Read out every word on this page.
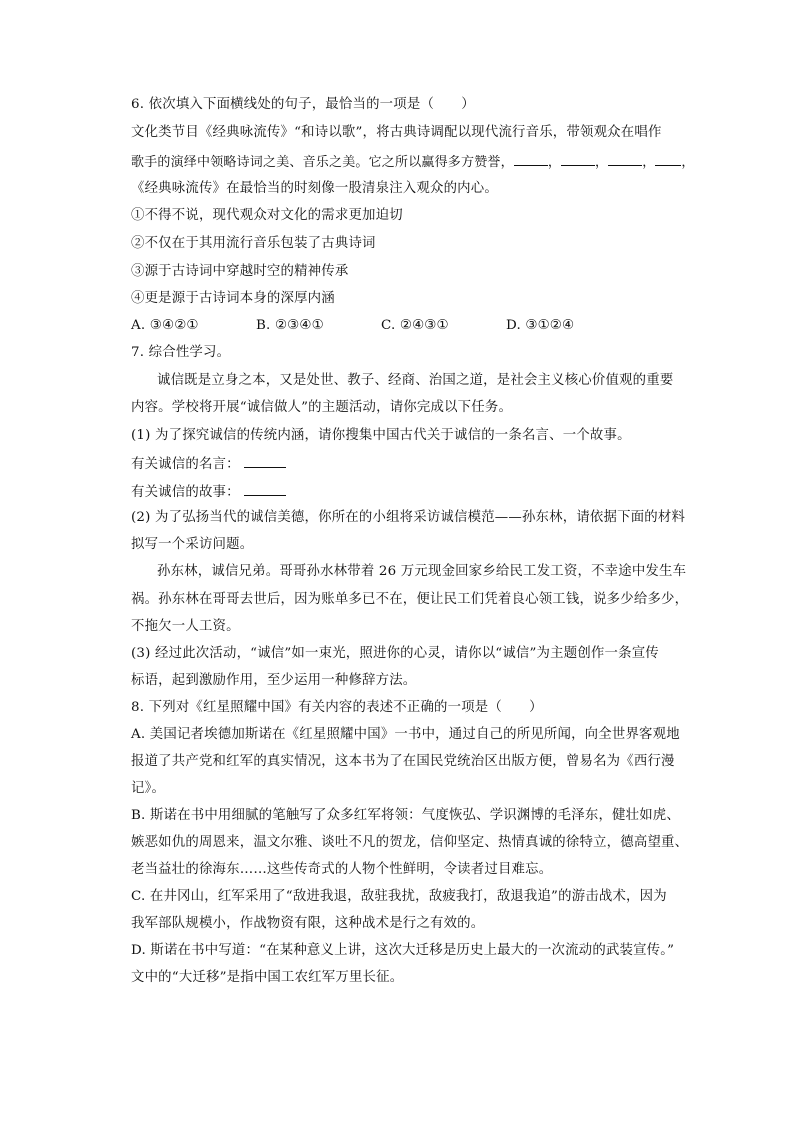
6. 依次填入下面横线处的句子，最恰当的一项是（　　）
文化类节目《经典咏流传》“和诗以歌”，将古典诗调配以现代流行音乐，带领观众在唱作
歌手的演绎中领略诗词之美、音乐之美。它之所以赢得多方赞誉，	，	，	， ，
《经典咏流传》在最恰当的时刻像一股清泉注入观众的内心。
①不得不说，现代观众对文化的需求更加迫切
②不仅在于其用流行音乐包装了古典诗词
③源于古诗词中穿越时空的精神传承
④更是源于古诗词本身的深厚内涵
A. ③④②①	B. ②③④①	C. ②④③①	D. ③①②④
7. 综合性学习。
诚信既是立身之本，又是处世、教子、经商、治国之道，是社会主义核心价值观的重要
内容。学校将开展“诚信做人”的主题活动，请你完成以下任务。
(1) 为了探究诚信的传统内涵，请你搜集中国古代关于诚信的一条名言、一个故事。
有关诚信的名言：
有关诚信的故事：
(2) 为了弘扬当代的诚信美德，你所在的小组将采访诚信模范——孙东林，请依据下面的材料
拟写一个采访问题。
孙东林，诚信兄弟。哥哥孙水林带着 26 万元现金回家乡给民工发工资，不幸途中发生车
祸。孙东林在哥哥去世后，因为账单多已不在，便让民工们凭着良心领工钱，说多少给多少，
不拖欠一人工资。
(3) 经过此次活动，“诚信”如一束光，照进你的心灵，请你以“诚信”为主题创作一条宣传
标语，起到激励作用，至少运用一种修辞方法。
8. 下列对《红星照耀中国》有关内容的表述不正确的一项是（　　）
A. 美国记者埃德加斯诺在《红星照耀中国》一书中，通过自己的所见所闻，向全世界客观地
报道了共产党和红军的真实情况，这本书为了在国民党统治区出版方便，曾易名为《西行漫
记》。
B. 斯诺在书中用细腻的笔触写了众多红军将领：气度恢弘、学识渊博的毛泽东，健壮如虎、
嫉恶如仇的周恩来，温文尔雅、谈吐不凡的贺龙，信仰坚定、热情真诚的徐特立，德高望重、
老当益壮的徐海东……这些传奇式的人物个性鲜明，令读者过目难忘。
C. 在井冈山，红军采用了“敌进我退，敌驻我扰，敌疲我打，敌退我追”的游击战术，因为
我军部队规模小，作战物资有限，这种战术是行之有效的。
D. 斯诺在书中写道：“在某种意义上讲，这次大迁移是历史上最大的一次流动的武装宣传。”
文中的“大迁移”是指中国工农红军万里长征。
